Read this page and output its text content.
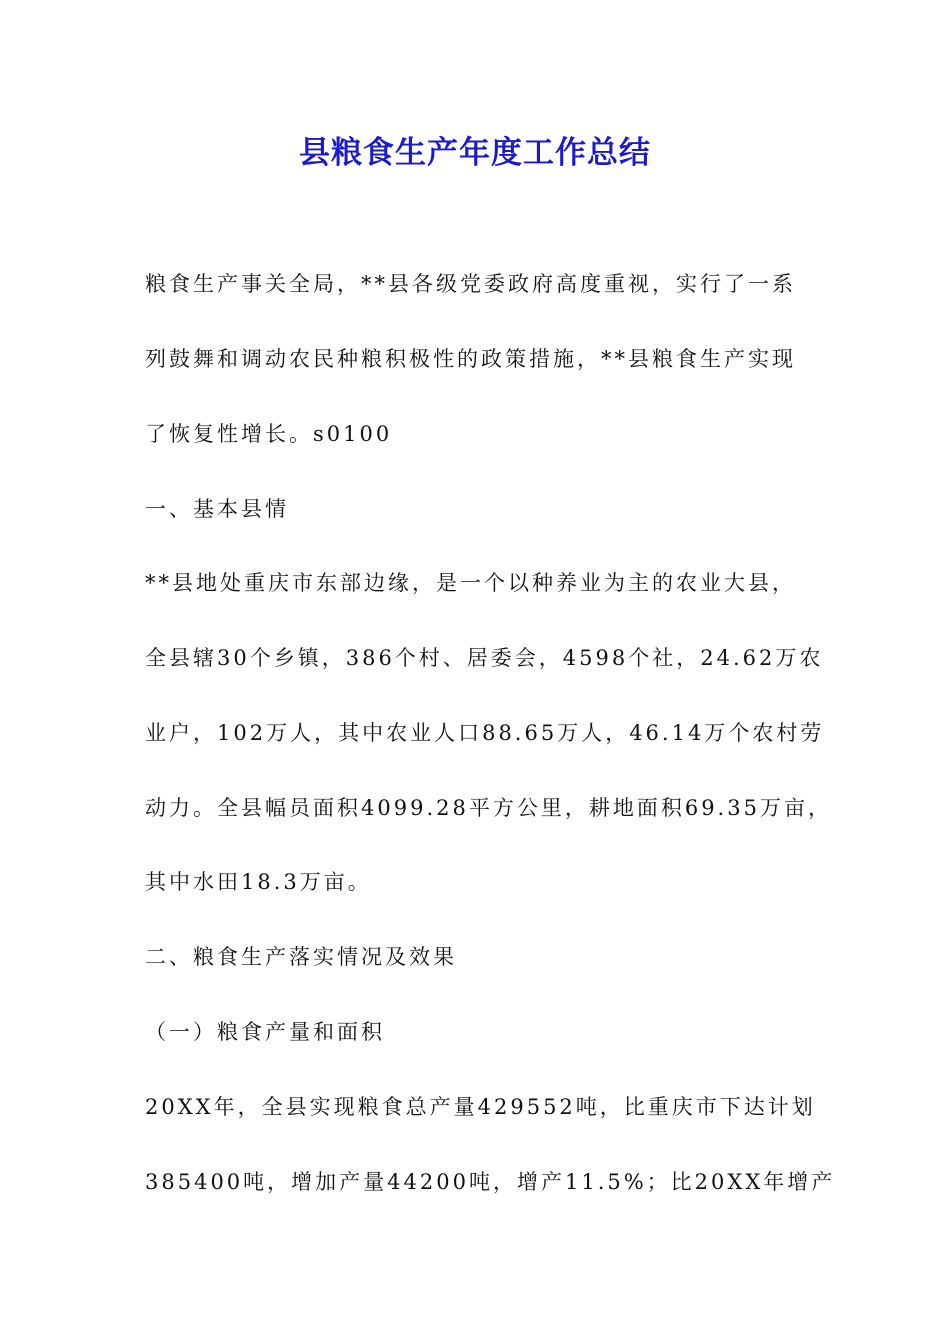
县粮食生产年度工作总结
粮食生产事关全局，**县各级党委政府高度重视，实行了一系
列鼓舞和调动农民种粮积极性的政策措施，**县粮食生产实现
了恢复性增长。s0100
一、基本县情
**县地处重庆市东部边缘，是一个以种养业为主的农业大县，
全县辖30个乡镇，386个村、居委会，4598个社，24.62万农
业户，102万人，其中农业人口88.65万人，46.14万个农村劳
动力。全县幅员面积4099.28平方公里，耕地面积69.35万亩，
其中水田18.3万亩。
二、粮食生产落实情况及效果
（一）粮食产量和面积
20XX年，全县实现粮食总产量429552吨，比重庆市下达计划
385400吨，增加产量44200吨，增产11.5%；比20XX年增产
